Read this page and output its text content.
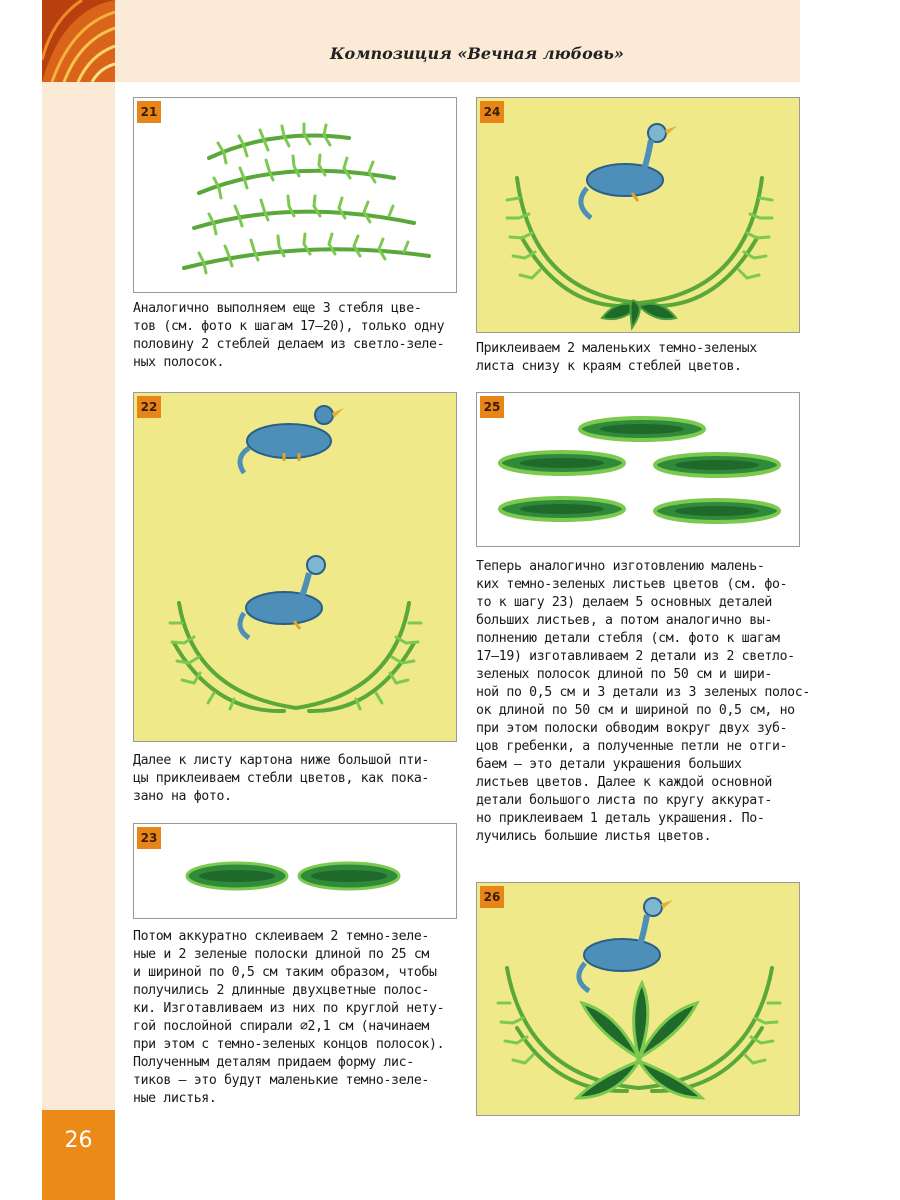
Композиция «Вечная любовь»
26
21
Аналогично выполняем еще 3 стебля цве-
тов (см. фото к шагам 17–20), только одну
половину 2 стеблей делаем из светло-зеле-
ных полосок.
22
Далее к листу картона ниже большой пти-
цы приклеиваем стебли цветов, как пока-
зано на фото.
23
Потом аккуратно склеиваем 2 темно-зеле-
ные и 2 зеленые полоски длиной по 25 см
и шириной по 0,5 см таким образом, чтобы
получились 2 длинные двухцветные полос-
ки. Изготавливаем из них по круглой нету-
гой послойной спирали ∅2,1 см (начинаем
при этом с темно-зеленых концов полосок).
Полученным деталям придаем форму лис-
тиков — это будут маленькие темно-зеле-
ные листья.
24
Приклеиваем 2 маленьких темно-зеленых
листа снизу к краям стеблей цветов.
25
Теперь аналогично изготовлению малень-
ких темно-зеленых листьев цветов (см. фо-
то к шагу 23) делаем 5 основных деталей
больших листьев, а потом аналогично вы-
полнению детали стебля (см. фото к шагам
17–19) изготавливаем 2 детали из 2 светло-
зеленых полосок длиной по 50 см и шири-
ной по 0,5 см и 3 детали из 3 зеленых полос-
ок длиной по 50 см и шириной по 0,5 см, но
при этом полоски обводим вокруг двух зуб-
цов гребенки, а полученные петли не отги-
баем — это детали украшения больших
листьев цветов. Далее к каждой основной
детали большого листа по кругу аккурат-
но приклеиваем 1 деталь украшения. По-
лучились большие листья цветов.
26
